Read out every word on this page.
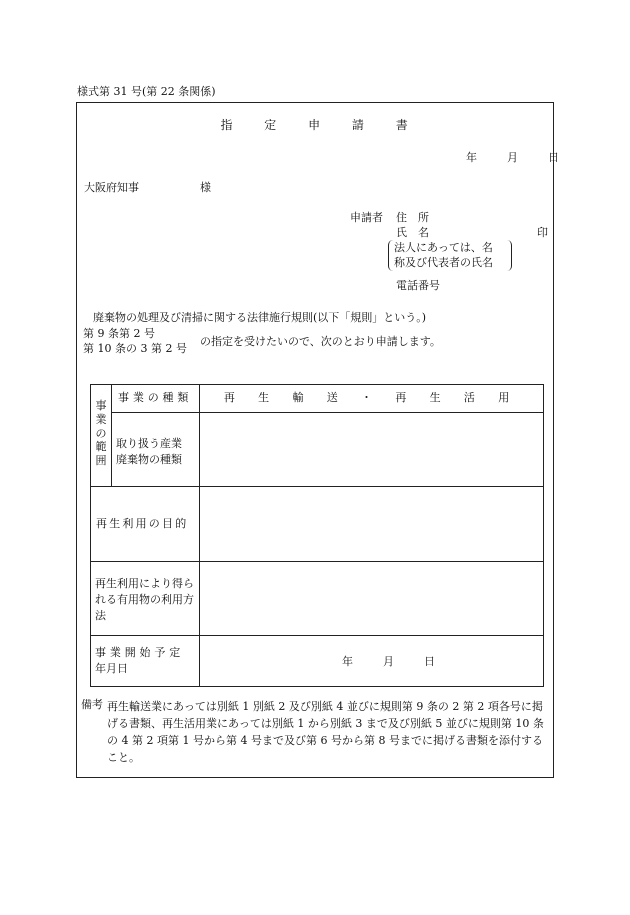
様式第 31 号(第 22 条関係)
指	定	申	請	書
年	月	日
大阪府知事	様
申請者 住　所
氏　名	印
法人にあっては、名
称及び代表者の氏名
電話番号
廃棄物の処理及び清掃に関する法律施行規則(以下「規則」という。)
第 9 条第 2 号
第 10 条の 3 第 2 号
の指定を受けたいので、次のとおり申請します。
事業の範囲
事業の種類	再 生 輸 送 ・ 再 生 活 用
取り扱う産業
廃棄物の種類
再生利用の目的
再生利用により得られる有用物の利用方法
事業開始予定
年月日
年	月	日
備考 再生輸送業にあっては別紙 1 別紙 2 及び別紙 4 並びに規則第 9 条の 2 第 2 項各号に掲げる書類、再生活用業にあっては別紙 1 から別紙 3 まで及び別紙 5 並びに規則第 10 条の 4 第 2 項第 1 号から第 4 号まで及び第 6 号から第 8 号までに掲げる書類を添付すること。
